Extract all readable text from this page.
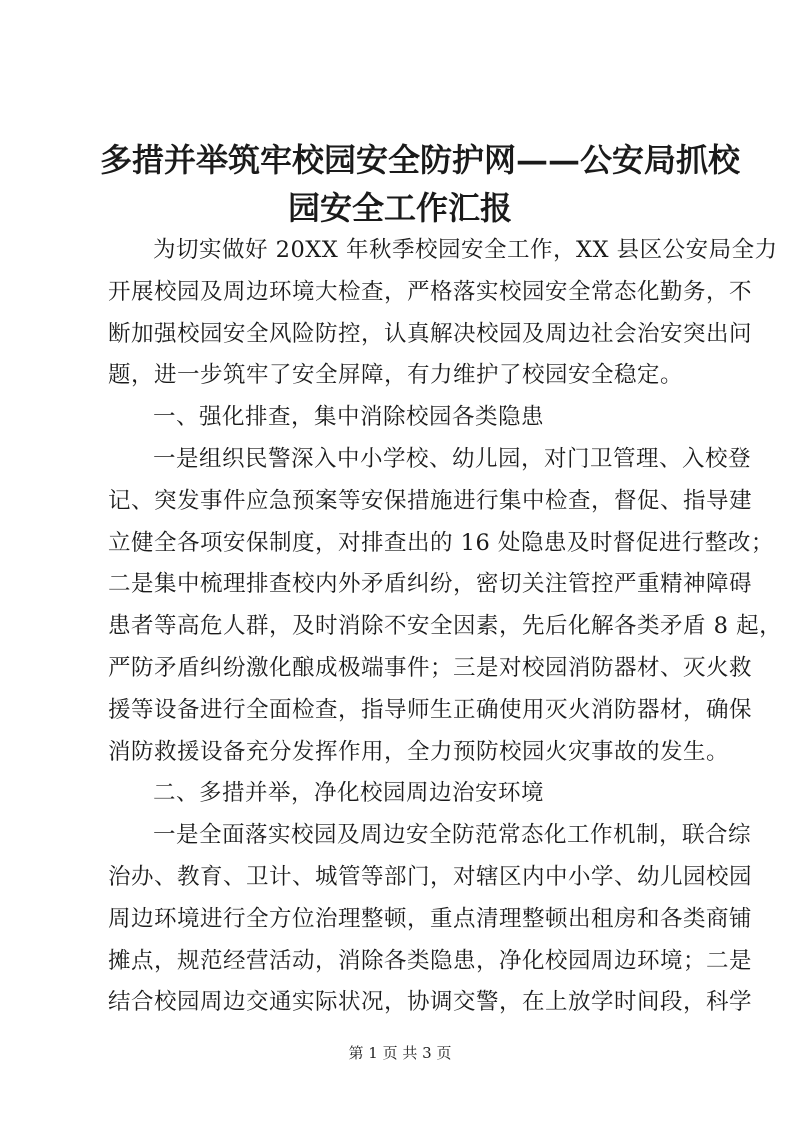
多措并举筑牢校园安全防护网——公安局抓校
园安全工作汇报
为切实做好 20XX 年秋季校园安全工作，XX 县区公安局全力
开展校园及周边环境大检查，严格落实校园安全常态化勤务，不
断加强校园安全风险防控，认真解决校园及周边社会治安突出问
题，进一步筑牢了安全屏障，有力维护了校园安全稳定。
一、强化排查，集中消除校园各类隐患
一是组织民警深入中小学校、幼儿园，对门卫管理、入校登
记、突发事件应急预案等安保措施进行集中检查，督促、指导建
立健全各项安保制度，对排查出的 16 处隐患及时督促进行整改；
二是集中梳理排查校内外矛盾纠纷，密切关注管控严重精神障碍
患者等高危人群，及时消除不安全因素，先后化解各类矛盾 8 起，
严防矛盾纠纷激化酿成极端事件；三是对校园消防器材、灭火救
援等设备进行全面检查，指导师生正确使用灭火消防器材，确保
消防救援设备充分发挥作用，全力预防校园火灾事故的发生。
二、多措并举，净化校园周边治安环境
一是全面落实校园及周边安全防范常态化工作机制，联合综
治办、教育、卫计、城管等部门，对辖区内中小学、幼儿园校园
周边环境进行全方位治理整顿，重点清理整顿出租房和各类商铺
摊点，规范经营活动，消除各类隐患，净化校园周边环境；二是
结合校园周边交通实际状况，协调交警，在上放学时间段，科学
第 1 页 共 3 页
